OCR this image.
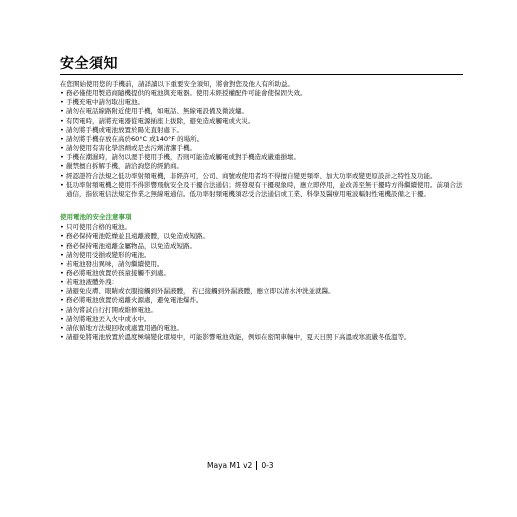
安全須知

在您開始使用您的手機前，請詳讀以下重要安全須知，將會對您及他人有所助益。

• 務必僅使用製造商隨機提供的電池與充電器。使用未經授權配件可能會使保固失效。
• 手機充電中請勿取出電池。
• 請勿在電話線路附近使用手機，如電話、無線電設備及微波爐。
• 有閃電時，請將充電器從電源插座上拔除，避免造成觸電或火災。
• 請勿將手機或電池放置於陽光直射處下。
• 請勿將手機存放在高於60°C 或140°F 的場所。
• 請勿使用有害化學溶劑或是去污劑清潔手機。
• 手機在潮濕時，請勿以溼手使用手機，否則可能造成觸電或對手機造成嚴重損壞。
• 嚴禁擅自拆解手機，請洽詢您的經銷商。
• 經認證符合法規之低功率射頻電機，非經許可，公司、商號或使用者均不得擅自變更頻率、加大功率或變更原設計之特性及功能。
• 低功率射頻電機之使用不得影響飛航安全及干擾合法通信；經發現有干擾現象時，應立即停用，並改善至無干擾時方得繼續使用。前項合法通信，指依電信法規定作業之無線電通信。低功率射頻電機須忍受合法通信或工業、科學及醫療用電波輻射性電機設備之干擾。
使用電池的安全注意事項
• 只可使用合格的電池。
• 務必保持電池乾燥並且遠離液體，以免造成短路。
• 務必保持電池遠離金屬物品，以免造成短路。
• 請勿使用受損或變形的電池。
• 若電池發出異味，請勿繼續使用。
• 務必將電池放置於孩童接觸不到處。
• 若電池液體外洩：
• 請避免皮膚、眼睛或衣服接觸到外漏液體， 若已接觸到外漏液體，應立即以清水沖洗並就醫。
• 務必將電池放置於遠離火源處，避免電池爆炸。
• 請勿嘗試自行打開或維修電池。
• 請勿將電池丟入火中或水中。
• 請依循地方法規回收或處置用過的電池。
• 請避免將電池放置於溫度極端變化環境中，可能影響電池效能，例如在密閉車輛中，夏天日照下高溫或寒流嚴冬低溫等。
Maya M1 v2 0-3
